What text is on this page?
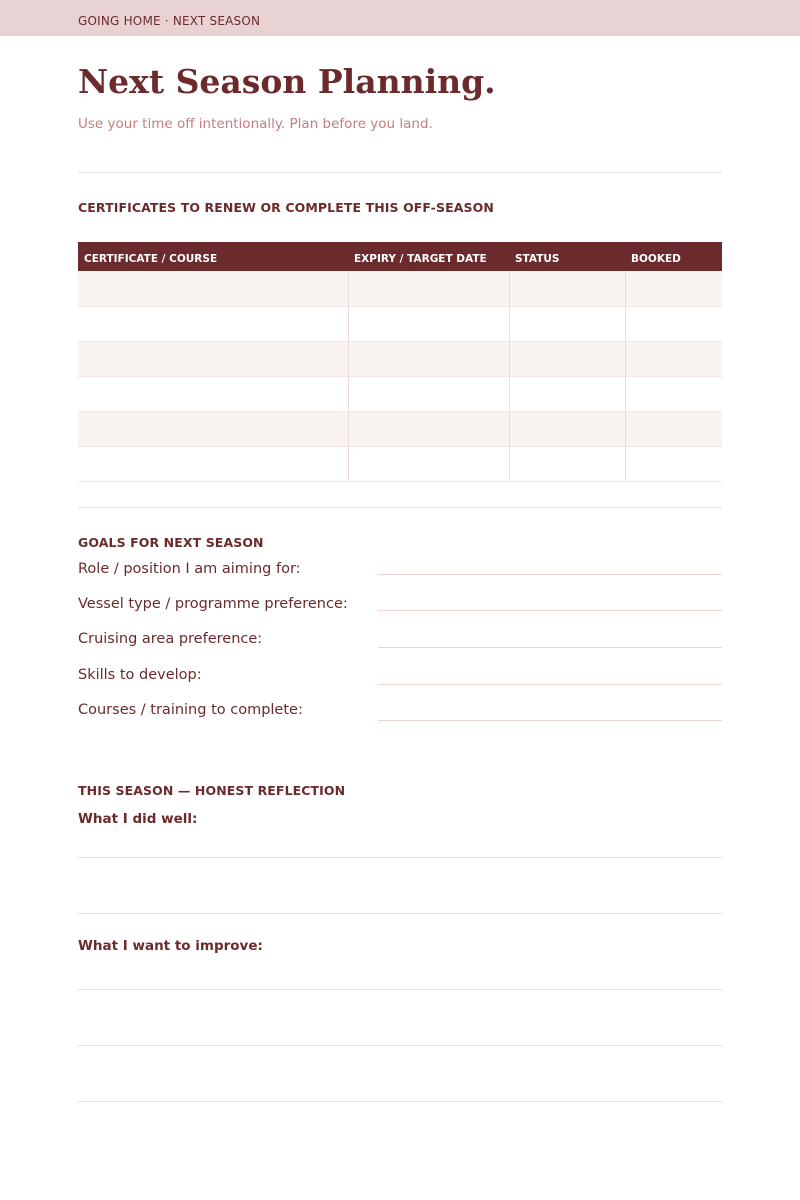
GOING HOME · NEXT SEASON
Next Season Planning.

Use your time off intentionally. Plan before you land.

CERTIFICATES TO RENEW OR COMPLETE THIS OFF-SEASON
CERTIFICATE / COURSE	EXPIRY / TARGET DATE	STATUS	BOOKED

GOALS FOR NEXT SEASON
Role / position I am aiming for:
Vessel type / programme preference:
Cruising area preference:
Skills to develop:
Courses / training to complete:
THIS SEASON — HONEST REFLECTION
What I did well:
What I want to improve:
